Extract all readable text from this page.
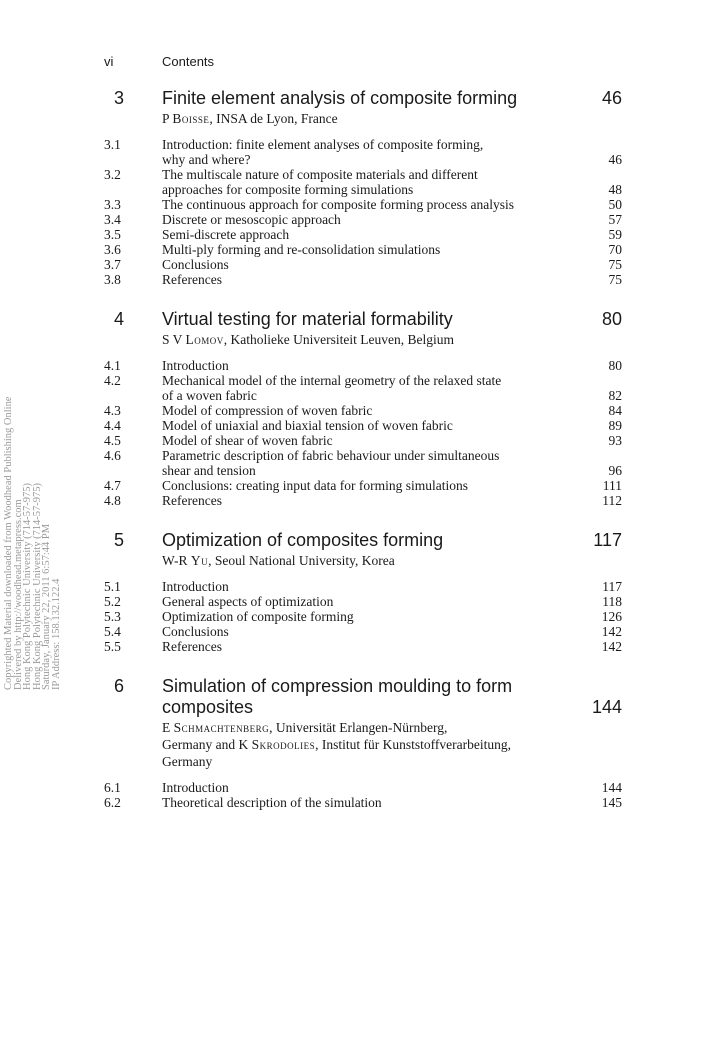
vi	Contents
Copyrighted Material downloaded from Woodhead Publishing Online
Delivered by http://woodhead.metapress.com
Hong Kong Polytechnic University (714-57-975)
Hong Kong Polytechnic University (714-57-975)
Saturday, January 22, 2011 6:57:44 PM
IP Address: 158.132.122.4
3 Finite element analysis of composite forming	46
P Boisse, INSA de Lyon, France
3.1	Introduction: finite element analyses of composite forming,
why and where?	46
3.2	The multiscale nature of composite materials and different
approaches for composite forming simulations	48
3.3	The continuous approach for composite forming process analysis	50
3.4	Discrete or mesoscopic approach	57
3.5	Semi-discrete approach	59
3.6	Multi-ply forming and re-consolidation simulations	70
3.7	Conclusions	75
3.8	References	75
4 Virtual testing for material formability	80
S V Lomov, Katholieke Universiteit Leuven, Belgium
4.1	Introduction	80
4.2	Mechanical model of the internal geometry of the relaxed state
of a woven fabric	82
4.3	Model of compression of woven fabric	84
4.4	Model of uniaxial and biaxial tension of woven fabric	89
4.5	Model of shear of woven fabric	93
4.6	Parametric description of fabric behaviour under simultaneous
shear and tension	96
4.7	Conclusions: creating input data for forming simulations	111
4.8	References	112
5 Optimization of composites forming	117
W-R Yu, Seoul National University, Korea
5.1	Introduction	117
5.2	General aspects of optimization	118
5.3	Optimization of composite forming	126
5.4	Conclusions	142
5.5	References	142
6 Simulation of compression moulding to form
composites	144
E Schmachtenberg, Universität Erlangen-Nürnberg,
Germany and K Skrodolies, Institut für Kunststoffverarbeitung,
Germany
6.1	Introduction	144
6.2	Theoretical description of the simulation	145
